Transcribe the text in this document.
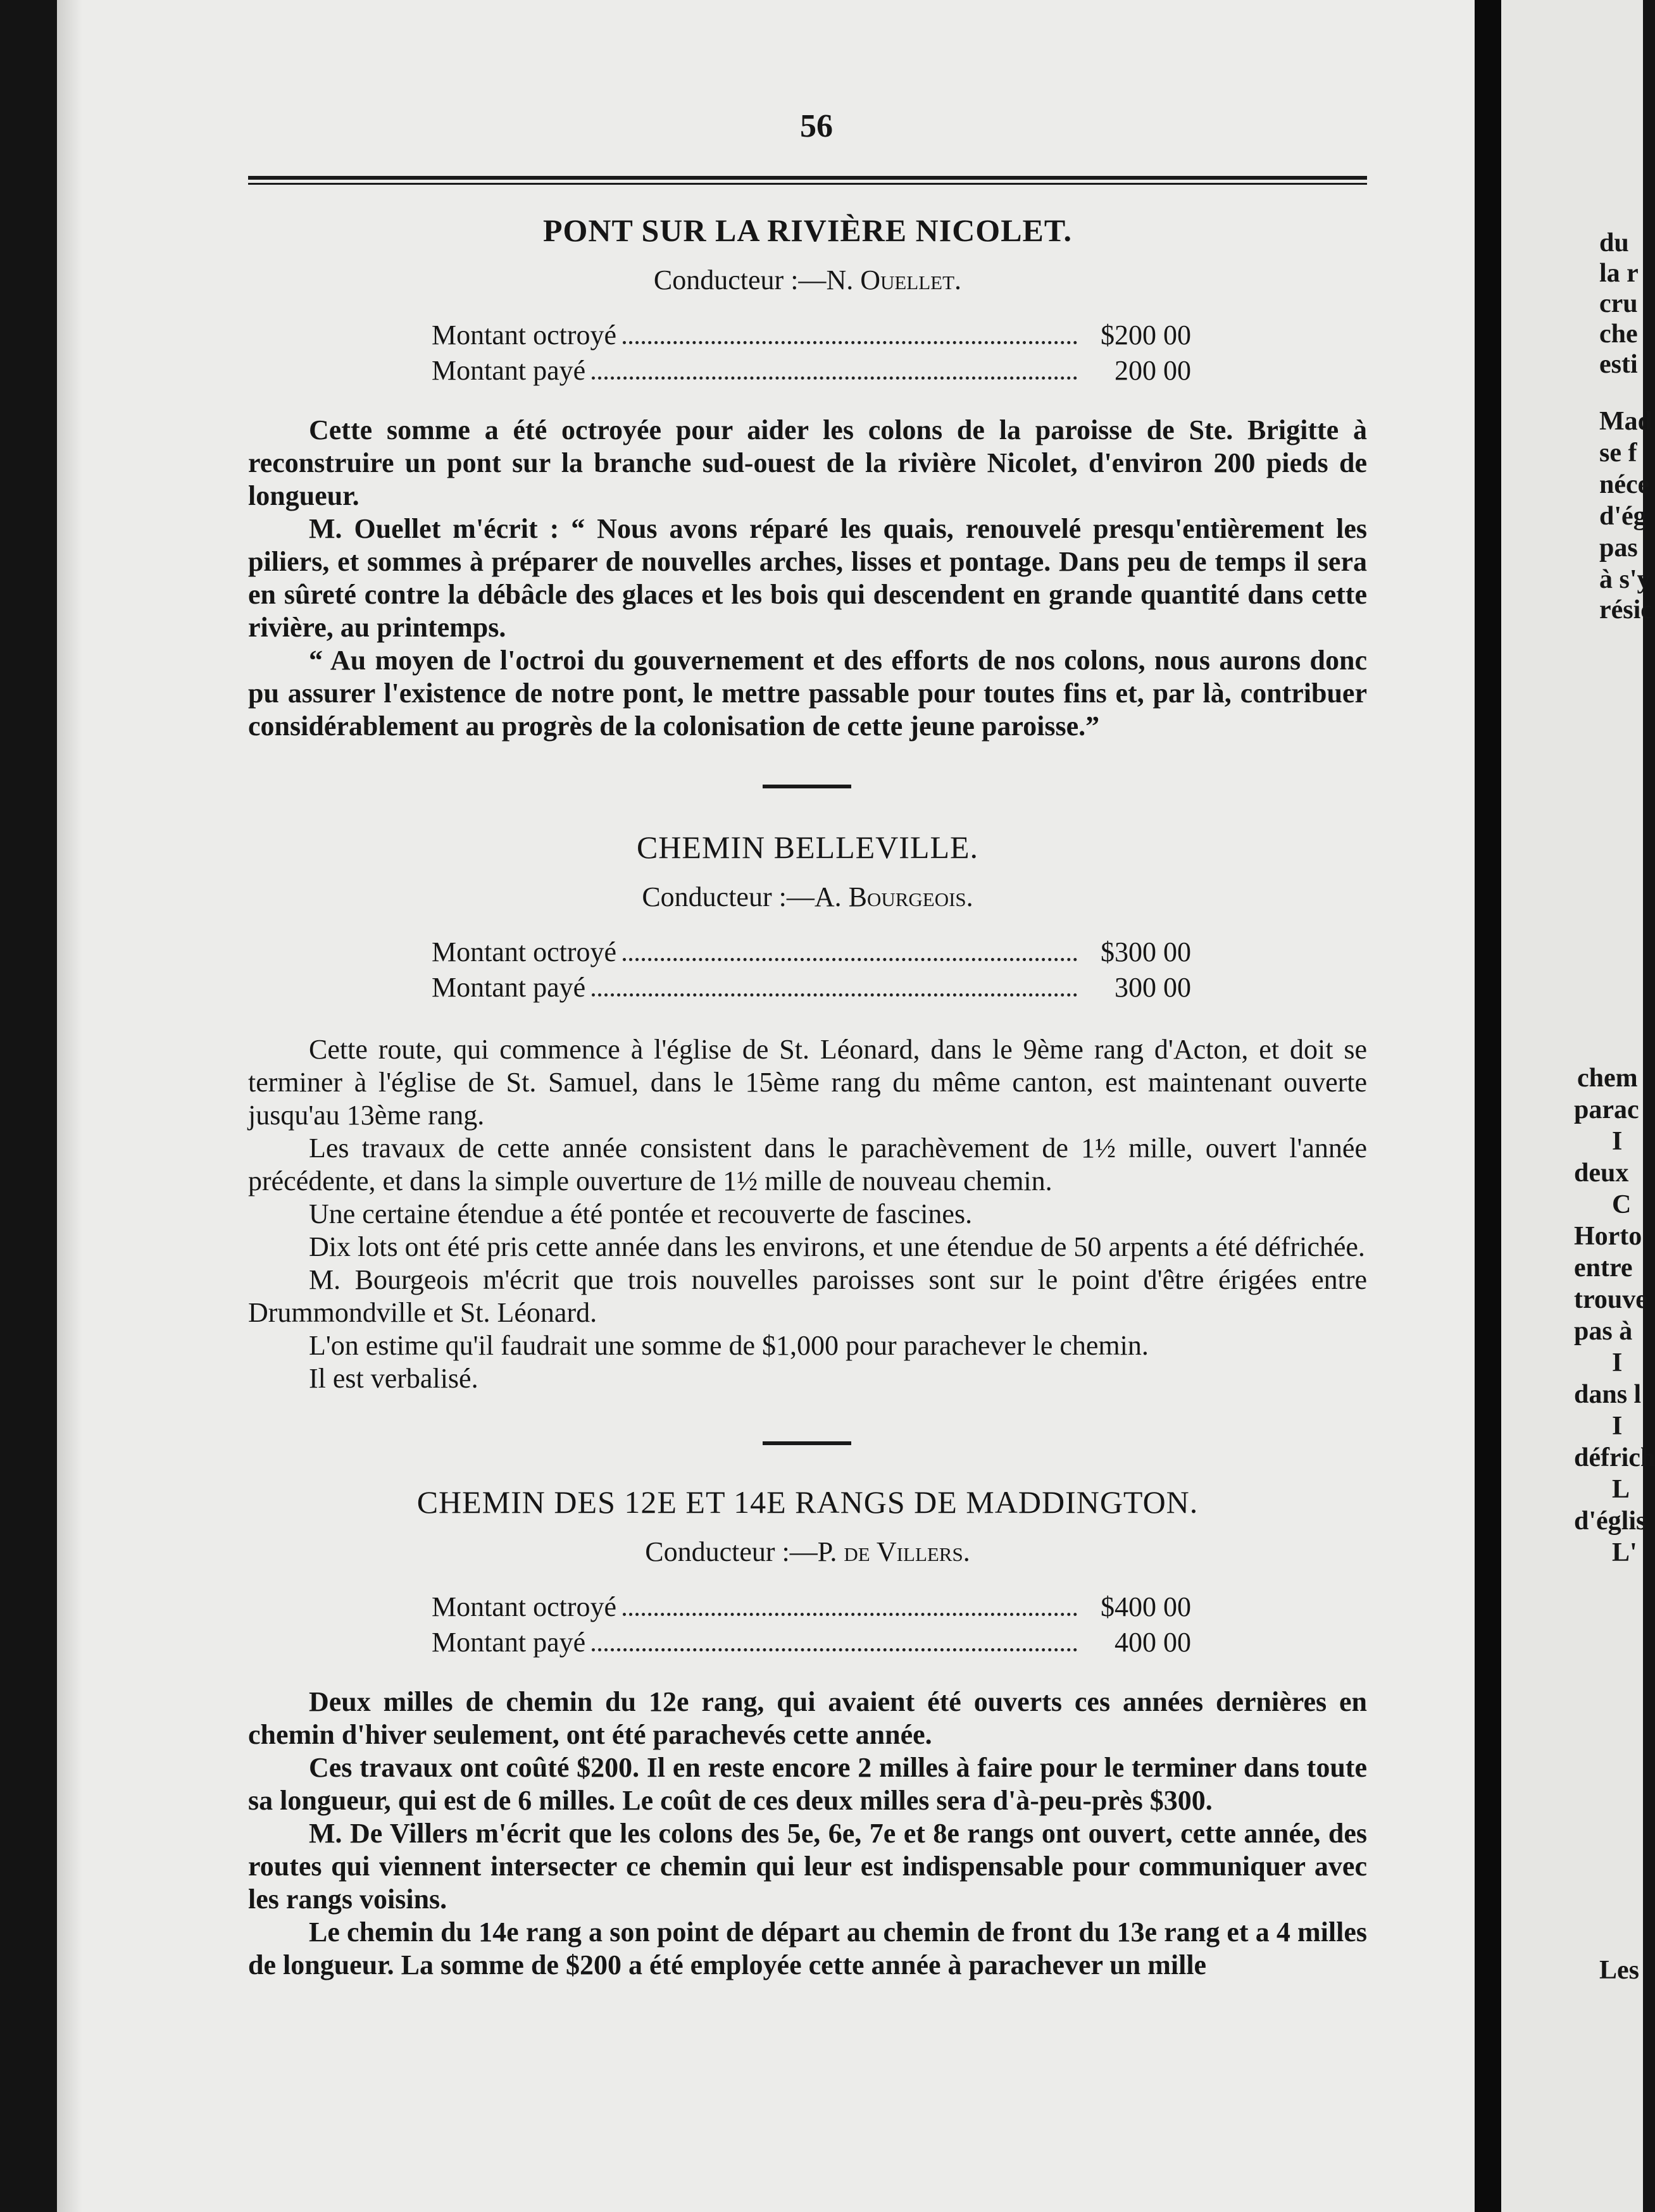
du
la r
cru
che
esti
Mad
se f
néce
d'ég
pas
à s'y
résic
chem
parac
I
deux
C
Horto
entre
trouve
pas à
I
dans l
I
défrich
L
d'églis
L'
Les
56
PONT SUR LA RIVIÈRE NICOLET.
Conducteur :—N. Ouellet.
Montant octroyé	$200 00
Montant payé	200 00

Cette somme a été octroyée pour aider les colons de la paroisse de Ste. Brigitte à reconstruire un pont sur la branche sud-ouest de la rivière Nicolet, d'environ 200 pieds de longueur.

M. Ouellet m'écrit : “ Nous avons réparé les quais, renouvelé presqu'entièrement les piliers, et sommes à préparer de nouvelles arches, lisses et pontage. Dans peu de temps il sera en sûreté contre la débâcle des glaces et les bois qui descendent en grande quantité dans cette rivière, au printemps.

“ Au moyen de l'octroi du gouvernement et des efforts de nos colons, nous aurons donc pu assurer l'existence de notre pont, le mettre passable pour toutes fins et, par là, contribuer considérablement au progrès de la colonisation de cette jeune paroisse.”

CHEMIN BELLEVILLE.
Conducteur :—A. Bourgeois.
Montant octroyé	$300 00
Montant payé	300 00

Cette route, qui commence à l'église de St. Léonard, dans le 9ème rang d'Acton, et doit se terminer à l'église de St. Samuel, dans le 15ème rang du même canton, est maintenant ouverte jusqu'au 13ème rang.

Les travaux de cette année consistent dans le parachèvement de 1½ mille, ouvert l'année précédente, et dans la simple ouverture de 1½ mille de nouveau chemin.

Une certaine étendue a été pontée et recouverte de fascines.

Dix lots ont été pris cette année dans les environs, et une étendue de 50 arpents a été défrichée.

M. Bourgeois m'écrit que trois nouvelles paroisses sont sur le point d'être érigées entre Drummondville et St. Léonard.

L'on estime qu'il faudrait une somme de $1,000 pour parachever le chemin.

Il est verbalisé.

CHEMIN DES 12E ET 14E RANGS DE MADDINGTON.
Conducteur :—P. de Villers.
Montant octroyé	$400 00
Montant payé	400 00

Deux milles de chemin du 12e rang, qui avaient été ouverts ces années dernières en chemin d'hiver seulement, ont été parachevés cette année.

Ces travaux ont coûté $200. Il en reste encore 2 milles à faire pour le terminer dans toute sa longueur, qui est de 6 milles. Le coût de ces deux milles sera d'à-peu-près $300.

M. De Villers m'écrit que les colons des 5e, 6e, 7e et 8e rangs ont ouvert, cette année, des routes qui viennent intersecter ce chemin qui leur est indispensable pour communiquer avec les rangs voisins.

Le chemin du 14e rang a son point de départ au chemin de front du 13e rang et a 4 milles de longueur. La somme de $200 a été employée cette année à parachever un mille
